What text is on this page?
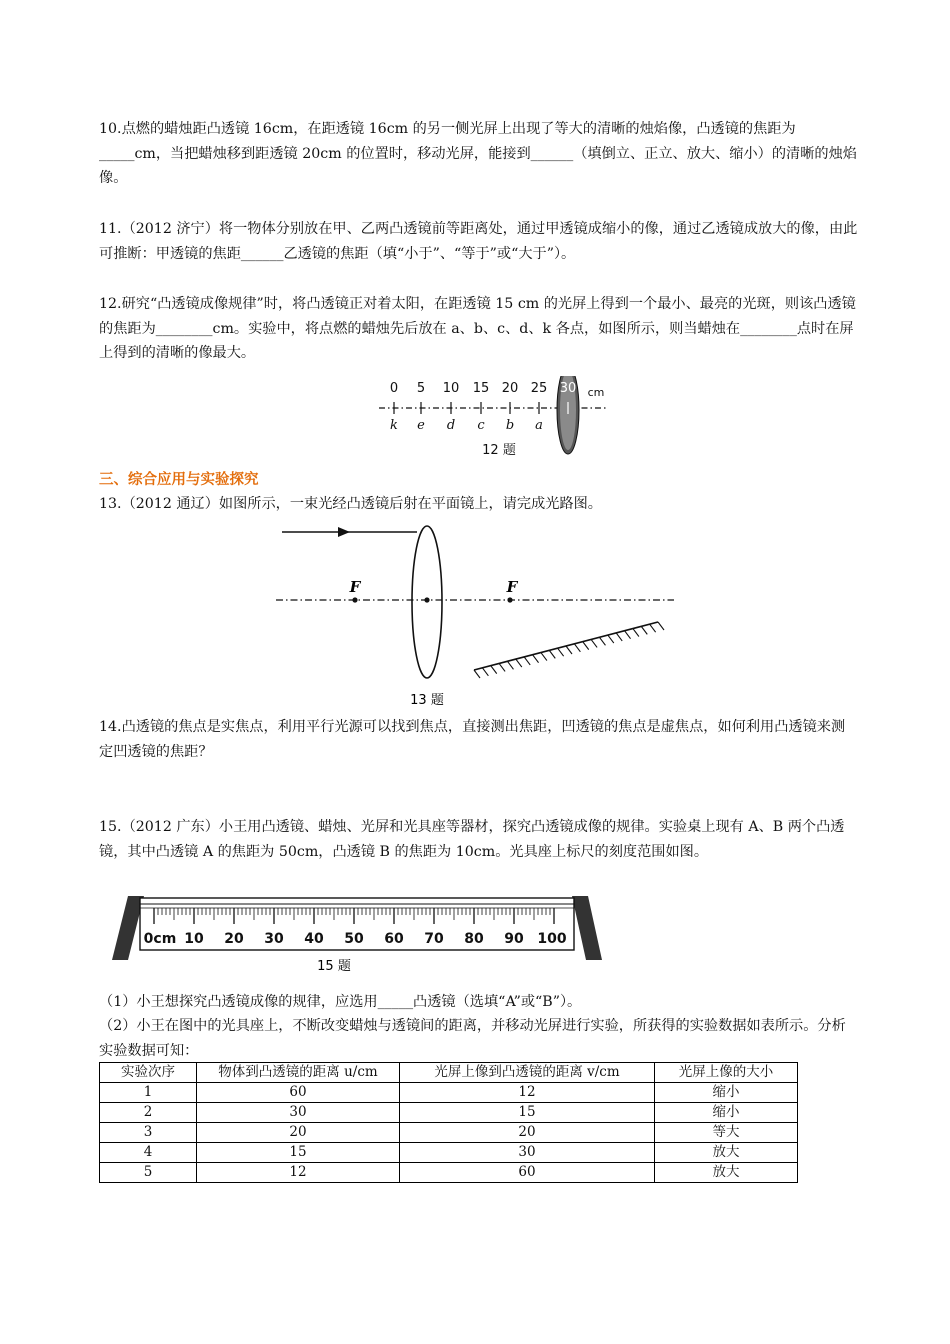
10.点燃的蜡烛距凸透镜 16cm，在距透镜 16cm 的另一侧光屏上出现了等大的清晰的烛焰像，凸透镜的焦距为_____cm，当把蜡烛移到距透镜 20cm 的位置时，移动光屏，能接到______（填倒立、正立、放大、缩小）的清晰的烛焰像。

11.（2012 济宁）将一物体分别放在甲、乙两凸透镜前等距离处，通过甲透镜成缩小的像，通过乙透镜成放大的像，由此可推断：甲透镜的焦距______乙透镜的焦距（填“小于”、“等于”或“大于”）。

12.研究“凸透镜成像规律”时，将凸透镜正对着太阳，在距透镜 15 cm 的光屏上得到一个最小、最亮的光斑，则该凸透镜的焦距为________cm。实验中，将点燃的蜡烛先后放在 a、b、c、d、k 各点，如图所示，则当蜡烛在________点时在屏上得到的清晰的像最大。

0 5 10 15 20 25 30 cm
k e d c b a
12 题
三、综合应用与实验探究

13.（2012 通辽）如图所示，一束光经凸透镜后射在平面镜上，请完成光路图。

F	F
13 题

14.凸透镜的焦点是实焦点，利用平行光源可以找到焦点，直接测出焦距，凹透镜的焦点是虚焦点，如何利用凸透镜来测定凹透镜的焦距？

15.（2012 广东）小王用凸透镜、蜡烛、光屏和光具座等器材，探究凸透镜成像的规律。实验桌上现有 A、B 两个凸透镜，其中凸透镜 A 的焦距为 50cm，凸透镜 B 的焦距为 10cm。光具座上标尺的刻度范围如图。

0cm 10 20 30 40 50 60 70 80 90 100
15 题

（1）小王想探究凸透镜成像的规律，应选用_____凸透镜（选填“A”或“B”）。

（2）小王在图中的光具座上，不断改变蜡烛与透镜间的距离，并移动光屏进行实验，所获得的实验数据如表所示。分析实验数据可知：

实验次序	物体到凸透镜的距离 u/cm	光屏上像到凸透镜的距离 v/cm	光屏上像的大小
1	60	12	缩小
2	30	15	缩小
3	20	20	等大
4	15	30	放大
5	12	60	放大
